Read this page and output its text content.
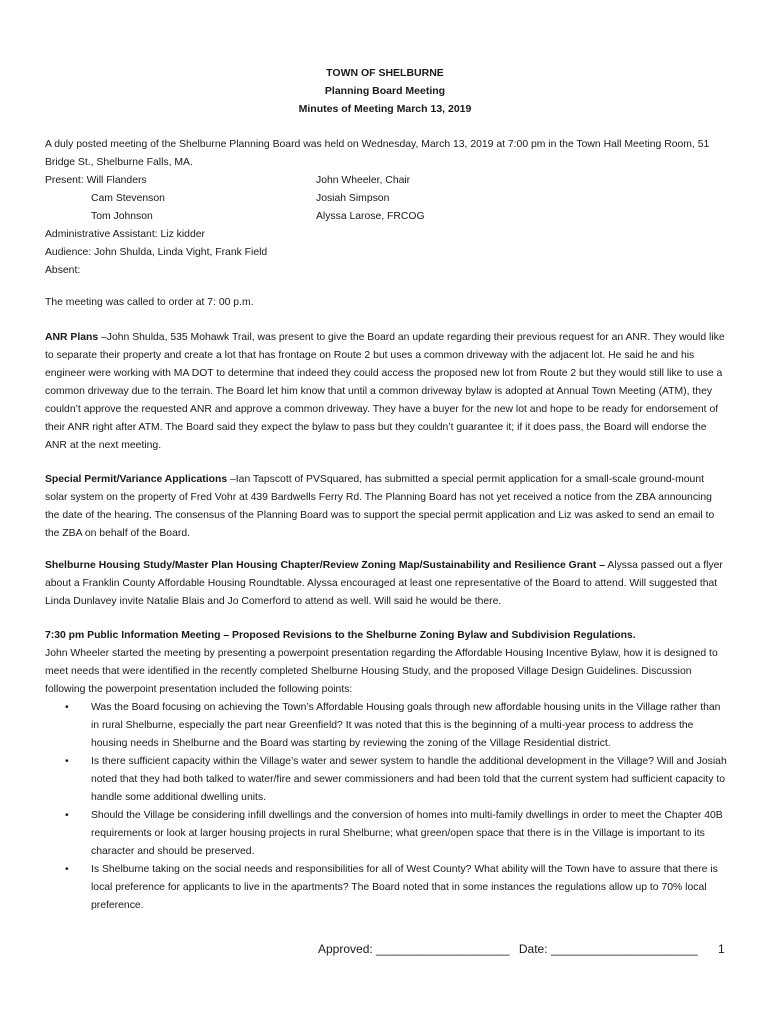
TOWN OF SHELBURNE
Planning Board Meeting
Minutes of Meeting March 13, 2019

A duly posted meeting of the Shelburne Planning Board was held on Wednesday, March 13, 2019 at 7:00 pm in the Town Hall Meeting Room, 51 Bridge St., Shelburne Falls, MA.

Present: Will Flanders	John Wheeler, Chair
Cam Stevenson	Josiah Simpson
Tom Johnson	Alyssa Larose, FRCOG

Administrative Assistant: Liz kidder

Audience: John Shulda, Linda Vight, Frank Field

Absent:

The meeting was called to order at 7: 00 p.m.

ANR Plans –John Shulda, 535 Mohawk Trail, was present to give the Board an update regarding their previous request for an ANR. They would like to separate their property and create a lot that has frontage on Route 2 but uses a common driveway with the adjacent lot. He said he and his engineer were working with MA DOT to determine that indeed they could access the proposed new lot from Route 2 but they would still like to use a common driveway due to the terrain. The Board let him know that until a common driveway bylaw is adopted at Annual Town Meeting (ATM), they couldn’t approve the requested ANR and approve a common driveway. They have a buyer for the new lot and hope to be ready for endorsement of their ANR right after ATM. The Board said they expect the bylaw to pass but they couldn’t guarantee it; if it does pass, the Board will endorse the ANR at the next meeting.

Special Permit/Variance Applications –Ian Tapscott of PVSquared, has submitted a special permit application for a small-scale ground-mount solar system on the property of Fred Vohr at 439 Bardwells Ferry Rd. The Planning Board has not yet received a notice from the ZBA announcing the date of the hearing. The consensus of the Planning Board was to support the special permit application and Liz was asked to send an email to the ZBA on behalf of the Board.

Shelburne Housing Study/Master Plan Housing Chapter/Review Zoning Map/Sustainability and Resilience Grant – Alyssa passed out a flyer about a Franklin County Affordable Housing Roundtable. Alyssa encouraged at least one representative of the Board to attend. Will suggested that Linda Dunlavey invite Natalie Blais and Jo Comerford to attend as well. Will said he would be there.

7:30 pm Public Information Meeting – Proposed Revisions to the Shelburne Zoning Bylaw and Subdivision Regulations.

John Wheeler started the meeting by presenting a powerpoint presentation regarding the Affordable Housing Incentive Bylaw, how it is designed to meet needs that were identified in the recently completed Shelburne Housing Study, and the proposed Village Design Guidelines. Discussion following the powerpoint presentation included the following points:

• Was the Board focusing on achieving the Town’s Affordable Housing goals through new affordable housing units in the Village rather than in rural Shelburne, especially the part near Greenfield? It was noted that this is the beginning of a multi-year process to address the housing needs in Shelburne and the Board was starting by reviewing the zoning of the Village Residential district.
• Is there sufficient capacity within the Village’s water and sewer system to handle the additional development in the Village? Will and Josiah noted that they had both talked to water/fire and sewer commissioners and had been told that the current system had sufficient capacity to handle some additional dwelling units.
• Should the Village be considering infill dwellings and the conversion of homes into multi-family dwellings in order to meet the Chapter 40B requirements or look at larger housing projects in rural Shelburne; what green/open space that there is in the Village is important to its character and should be preserved.
• Is Shelburne taking on the social needs and responsibilities for all of West County? What ability will the Town have to assure that there is local preference for applicants to live in the apartments? The Board noted that in some instances the regulations allow up to 70% local preference.
Approved: ____________________ Date: ______________________	1
